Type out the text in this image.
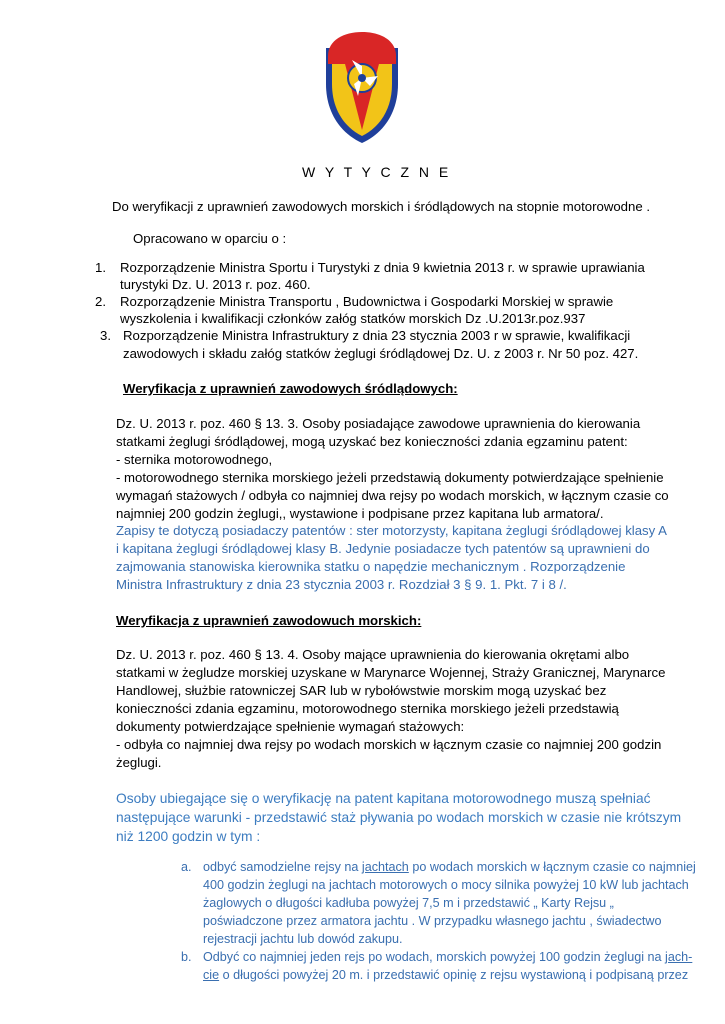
W Y T Y C Z N E
Do weryfikacji z uprawnień zawodowych morskich i śródlądowych na stopnie motorowodne .
Opracowano w oparciu o :
1. Rozporządzenie Ministra Sportu i Turystyki z dnia 9 kwietnia 2013 r. w sprawie uprawiania
turystyki Dz. U. 2013 r. poz. 460.
2. Rozporządzenie Ministra Transportu , Budownictwa i Gospodarki Morskiej w sprawie
wyszkolenia i kwalifikacji członków załóg statków morskich Dz .U.2013r.poz.937
3. Rozporządzenie Ministra Infrastruktury z dnia 23 stycznia 2003 r w sprawie, kwalifikacji
zawodowych i składu załóg statków żeglugi śródlądowej Dz. U. z 2003 r. Nr 50 poz. 427.
Weryfikacja z uprawnień zawodowych śródlądowych:
Dz. U. 2013 r. poz. 460 § 13. 3. Osoby posiadające zawodowe uprawnienia do kierowania
statkami żeglugi śródlądowej, mogą uzyskać bez konieczności zdania egzaminu patent:
- sternika motorowodnego,
- motorowodnego sternika morskiego jeżeli przedstawią dokumenty potwierdzające spełnienie
wymagań stażowych / odbyła co najmniej dwa rejsy po wodach morskich, w łącznym czasie co
najmniej 200 godzin żeglugi,, wystawione i podpisane przez kapitana lub armatora/.
Zapisy te dotyczą posiadaczy patentów : ster motorzysty, kapitana żeglugi śródlądowej klasy A
i kapitana żeglugi śródlądowej klasy B. Jedynie posiadacze tych patentów są uprawnieni do
zajmowania stanowiska kierownika statku o napędzie mechanicznym . Rozporządzenie
Ministra Infrastruktury z dnia 23 stycznia 2003 r. Rozdział 3 § 9. 1. Pkt. 7 i 8 /.
Weryfikacja z uprawnień zawodowuch morskich:
Dz. U. 2013 r. poz. 460 § 13. 4. Osoby mające uprawnienia do kierowania okrętami albo
statkami w żegludze morskiej uzyskane w Marynarce Wojennej, Straży Granicznej, Marynarce
Handlowej, służbie ratowniczej SAR lub w rybołówstwie morskim mogą uzyskać bez
konieczności zdania egzaminu, motorowodnego sternika morskiego jeżeli przedstawią
dokumenty potwierdzające spełnienie wymagań stażowych:
- odbyła co najmniej dwa rejsy po wodach morskich w łącznym czasie co najmniej 200 godzin
żeglugi.
Osoby ubiegające się o weryfikację na patent kapitana motorowodnego muszą spełniać
następujące warunki - przedstawić staż pływania po wodach morskich w czasie nie krótszym
niż 1200 godzin w tym :
a. odbyć samodzielne rejsy na jachtach po wodach morskich w łącznym czasie co najmniej
400 godzin żeglugi na jachtach motorowych o mocy silnika powyżej 10 kW lub jachtach
żaglowych o długości kadłuba powyżej 7,5 m i przedstawić „ Karty Rejsu „
poświadczone przez armatora jachtu . W przypadku własnego jachtu , świadectwo
rejestracji jachtu lub dowód zakupu.
b. Odbyć co najmniej jeden rejs po wodach, morskich powyżej 100 godzin żeglugi na jach-
cie o długości powyżej 20 m. i przedstawić opinię z rejsu wystawioną i podpisaną przez
